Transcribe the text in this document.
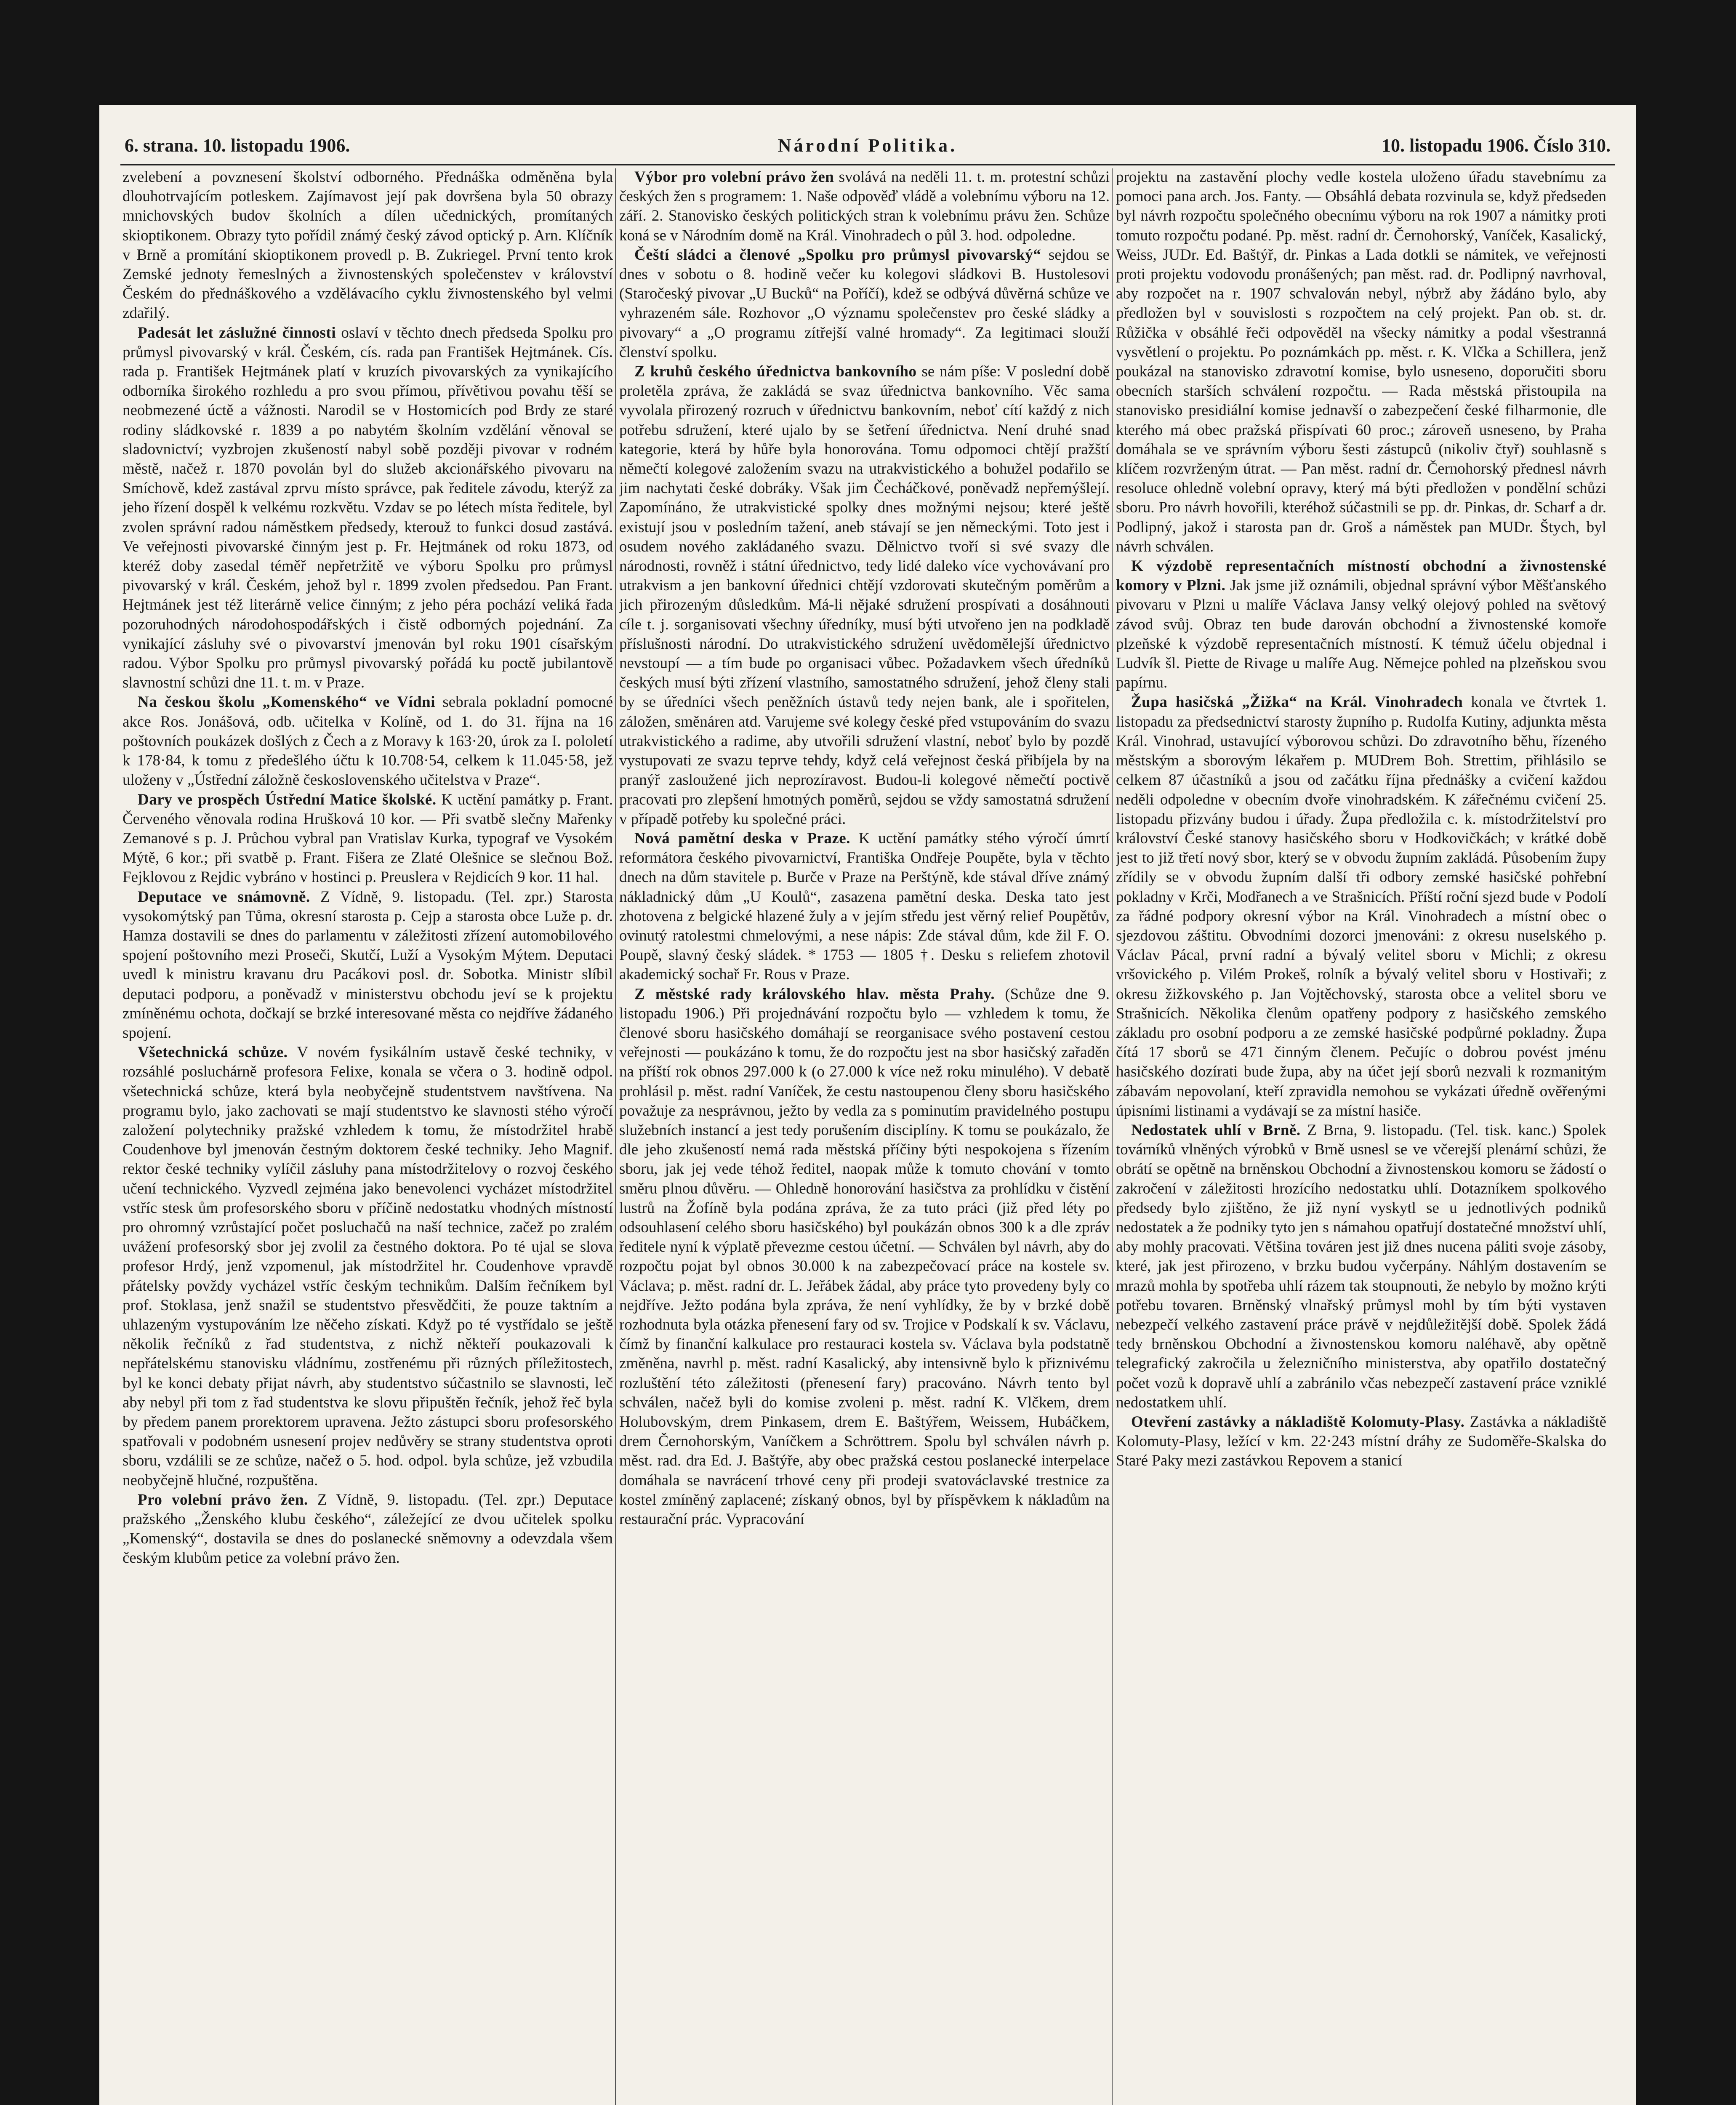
6. strana. 10. listopadu 1906.	Národní Politika.	10. listopadu 1906. Číslo 310.

zvelebení a povznesení školství odborného. Přednáška odměněna byla dlouhotrvajícím potleskem. Zajímavost její pak dovršena byla 50 obrazy mnichovských budov školních a dílen učednických, promítaných skioptikonem. Obrazy tyto pořídil známý český závod optický p. Arn. Klíčník v Brně a promítání skioptikonem provedl p. B. Zukriegel. První tento krok Zemské jednoty řemeslných a živnostenských společenstev v království Českém do přednáškového a vzdělávacího cyklu živnostenského byl velmi zdařilý.

Padesát let záslužné činnosti oslaví v těchto dnech předseda Spolku pro průmysl pivovarský v král. Českém, cís. rada pan František Hejtmánek. Cís. rada p. František Hejtmánek platí v kruzích pivovarských za vynikajícího odborníka širokého rozhledu a pro svou přímou, přívětivou povahu těší se neobmezené úctě a vážnosti. Narodil se v Hostomicích pod Brdy ze staré rodiny sládkovské r. 1839 a po nabytém školním vzdělání věnoval se sladovnictví; vyzbrojen zkušeností nabyl sobě později pivovar v rodném městě, načež r. 1870 povolán byl do služeb akcionářského pivovaru na Smíchově, kdež zastával zprvu místo správce, pak ředitele závodu, kterýž za jeho řízení dospěl k velkému rozkvětu. Vzdav se po létech místa ředitele, byl zvolen správní radou náměstkem předsedy, kterouž to funkci dosud zastává. Ve veřejnosti pivovarské činným jest p. Fr. Hejtmánek od roku 1873, od kteréž doby zasedal téměř nepřetržitě ve výboru Spolku pro průmysl pivovarský v král. Českém, jehož byl r. 1899 zvolen předsedou. Pan Frant. Hejtmánek jest též literárně velice činným; z jeho péra pochází veliká řada pozoruhodných národohospodářských i čistě odborných pojednání. Za vynikající zásluhy své o pivovarství jmenován byl roku 1901 císařským radou. Výbor Spolku pro průmysl pivovarský pořádá ku poctě jubilantově slavnostní schůzi dne 11. t. m. v Praze.

Na českou školu „Komenského“ ve Vídni sebrala pokladní pomocné akce Ros. Jonášová, odb. učitelka v Kolíně, od 1. do 31. října na 16 poštovních poukázek došlých z Čech a z Moravy k 163·20, úrok za I. pololetí k 178·84, k tomu z předešlého účtu k 10.708·54, celkem k 11.045·58, jež uloženy v „Ústřední záložně československého učitelstva v Praze“.

Dary ve prospěch Ústřední Matice školské. K uctění památky p. Frant. Červeného věnovala rodina Hrušková 10 kor. — Při svatbě slečny Mařenky Zemanové s p. J. Průchou vybral pan Vratislav Kurka, typograf ve Vysokém Mýtě, 6 kor.; při svatbě p. Frant. Fišera ze Zlaté Olešnice se slečnou Bož. Fejklovou z Rejdic vybráno v hostinci p. Preuslera v Rejdicích 9 kor. 11 hal.

Deputace ve snámovně. Z Vídně, 9. listopadu. (Tel. zpr.) Starosta vysokomýtský pan Tůma, okresní starosta p. Cejp a starosta obce Luže p. dr. Hamza dostavili se dnes do parlamentu v záležitosti zřízení automobilového spojení poštovního mezi Proseči, Skutčí, Luží a Vysokým Mýtem. Deputaci uvedl k ministru kravanu dru Pacákovi posl. dr. Sobotka. Ministr slíbil deputaci podporu, a poněvadž v ministerstvu obchodu jeví se k projektu zmíněnému ochota, dočkají se brzké interesované města co nejdříve žádaného spojení.

Všetechnická schůze. V novém fysikálním ustavě české techniky, v rozsáhlé posluchárně profesora Felixe, konala se včera o 3. hodině odpol. všetechnická schůze, která byla neobyčejně studentstvem navštívena. Na programu bylo, jako zachovati se mají studentstvo ke slavnosti stého výročí založení polytechniky pražské vzhledem k tomu, že místodržitel hrabě Coudenhove byl jmenován čestným doktorem české techniky. Jeho Magnif. rektor české techniky vylíčil zásluhy pana místodržitelovy o rozvoj českého učení technického. Vyzvedl zejména jako benevolenci vycházet místodržitel vstříc stesk ům profesorského sboru v příčině nedostatku vhodných místností pro ohromný vzrůstající počet posluchačů na naší technice, začež po zralém uvážení profesorský sbor jej zvolil za čestného doktora. Po té ujal se slova profesor Hrdý, jenž vzpomenul, jak místodržitel hr. Coudenhove vpravdě přátelsky povždy vycházel vstříc českým technikům. Dalším řečníkem byl prof. Stoklasa, jenž snažil se studentstvo přesvědčiti, že pouze taktním a uhlazeným vystupováním lze něčeho získati. Když po té vystřídalo se ještě několik řečníků z řad studentstva, z nichž někteří poukazovali k nepřátelskému stanovisku vládnímu, zostřenému při různých příležitostech, byl ke konci debaty přijat návrh, aby studentstvo súčastnilo se slavnosti, leč aby nebyl při tom z řad studentstva ke slovu připuštěn řečník, jehož řeč byla by předem panem prorektorem upravena. Ježto zástupci sboru profesorského spatřovali v podobném usnesení projev nedůvěry se strany studentstva oproti sboru, vzdálili se ze schůze, načež o 5. hod. odpol. byla schůze, jež vzbudila neobyčejně hlučné, rozpuštěna.

Pro volební právo žen. Z Vídně, 9. listopadu. (Tel. zpr.) Deputace pražského „Ženského klubu českého“, záležející ze dvou učitelek spolku „Komenský“, dostavila se dnes do poslanecké sněmovny a odevzdala všem českým klubům petice za volební právo žen.

Výbor pro volební právo žen svolává na neděli 11. t. m. protestní schůzi českých žen s programem: 1. Naše odpověď vládě a volebnímu výboru na 12. září. 2. Stanovisko českých politických stran k volebnímu právu žen. Schůze koná se v Národním domě na Král. Vinohradech o půl 3. hod. odpoledne.

Čeští sládci a členové „Spolku pro průmysl pivovarský“ sejdou se dnes v sobotu o 8. hodině večer ku kolegovi sládkovi B. Hustolesovi (Staročeský pivovar „U Bucků“ na Poříčí), kdež se odbývá důvěrná schůze ve vyhrazeném sále. Rozhovor „O významu společenstev pro české sládky a pivovary“ a „O programu zítřejší valné hromady“. Za legitimaci slouží členství spolku.

Z kruhů českého úřednictva bankovního se nám píše: V poslední době proletěla zpráva, že zakládá se svaz úřednictva bankovního. Věc sama vyvolala přirozený rozruch v úřednictvu bankovním, neboť cítí každý z nich potřebu sdružení, které ujalo by se šetření úřednictva. Není druhé snad kategorie, která by hůře byla honorována. Tomu odpomoci chtějí pražští němečtí kolegové založením svazu na utrakvistického a bohužel podařilo se jim nachytati české dobráky. Však jim Čecháčkové, poněvadž nepřemýšlejí. Zapomínáno, že utrakvistické spolky dnes možnými nejsou; které ještě existují jsou v posledním tažení, aneb stávají se jen německými. Toto jest i osudem nového zakládaného svazu. Dělnictvo tvoří si své svazy dle národnosti, rovněž i státní úřednictvo, tedy lidé daleko více vychovávaní pro utrakvism a jen bankovní úřednici chtějí vzdorovati skutečným poměrům a jich přirozeným důsledkům. Má-li nějaké sdružení prospívati a dosáhnouti cíle t. j. sorganisovati všechny úředníky, musí býti utvořeno jen na podkladě příslušnosti národní. Do utrakvistického sdružení uvědomělejší úřednictvo nevstoupí — a tím bude po organisaci vůbec. Požadavkem všech úředníků českých musí býti zřízení vlastního, samostatného sdružení, jehož členy stali by se úředníci všech peněžních ústavů tedy nejen bank, ale i spořitelen, záložen, směnáren atd. Varujeme své kolegy české před vstupováním do svazu utrakvistického a radime, aby utvořili sdružení vlastní, neboť bylo by pozdě vystupovati ze svazu teprve tehdy, když celá veřejnost česká přibíjela by na pranýř zasloužené jich neprozíravost. Budou-li kolegové němečtí poctivě pracovati pro zlepšení hmotných poměrů, sejdou se vždy samostatná sdružení v případě potřeby ku společné práci.

Nová pamětní deska v Praze. K uctění památky stého výročí úmrtí reformátora českého pivovarnictví, Františka Ondřeje Poupěte, byla v těchto dnech na dům stavitele p. Burče v Praze na Perštýně, kde stával dříve známý nákladnický dům „U Koulů“, zasazena pamětní deska. Deska tato jest zhotovena z belgické hlazené žuly a v jejím středu jest věrný relief Poupětův, ovinutý ratolestmi chmelovými, a nese nápis: Zde stával dům, kde žil F. O. Poupě, slavný český sládek. * 1753 — 1805 †. Desku s reliefem zhotovil akademický sochař Fr. Rous v Praze.

Z městské rady královského hlav. města Prahy. (Schůze dne 9. listopadu 1906.) Při projednávání rozpočtu bylo — vzhledem k tomu, že členové sboru hasičského domáhají se reorganisace svého postavení cestou veřejnosti — poukázáno k tomu, že do rozpočtu jest na sbor hasičský zařaděn na příští rok obnos 297.000 k (o 27.000 k více než roku minulého). V debatě prohlásil p. měst. radní Vaníček, že cestu nastoupenou členy sboru hasičského považuje za nesprávnou, ježto by vedla za s pominutím pravidelného postupu služebních instancí a jest tedy porušením disciplíny. K tomu se poukázalo, že dle jeho zkušeností nemá rada městská příčiny býti nespokojena s řízením sboru, jak jej vede téhož ředitel, naopak může k tomuto chování v tomto směru plnou důvěru. — Ohledně honorování hasičstva za prohlídku v čistění lustrů na Žofíně byla podána zpráva, že za tuto práci (již před léty po odsouhlasení celého sboru hasičského) byl poukázán obnos 300 k a dle zpráv ředitele nyní k výplatě převezme cestou účetní. — Schválen byl návrh, aby do rozpočtu pojat byl obnos 30.000 k na zabezpečovací práce na kostele sv. Václava; p. měst. radní dr. L. Jeřábek žádal, aby práce tyto provedeny byly co nejdříve. Ježto podána byla zpráva, že není vyhlídky, že by v brzké době rozhodnuta byla otázka přenesení fary od sv. Trojice v Podskalí k sv. Václavu, čímž by finanční kalkulace pro restauraci kostela sv. Václava byla podstatně změněna, navrhl p. měst. radní Kasalický, aby intensivně bylo k přiznivému rozluštění této záležitosti (přenesení fary) pracováno. Návrh tento byl schválen, načež byli do komise zvoleni p. měst. radní K. Vlčkem, drem Holubovským, drem Pinkasem, drem E. Baštýřem, Weissem, Hubáčkem, drem Černohorským, Vaníčkem a Schröttrem. Spolu byl schválen návrh p. měst. rad. dra Ed. J. Baštýře, aby obec pražská cestou poslanecké interpelace domáhala se navrácení trhové ceny při prodeji svatováclavské trestnice za kostel zmíněný zaplacené; získaný obnos, byl by příspěvkem k nákladům na restaurační prác. Vypracování

projektu na zastavění plochy vedle kostela uloženo úřadu stavebnímu za pomoci pana arch. Jos. Fanty. — Obsáhlá debata rozvinula se, když předseden byl návrh rozpočtu společného obecnímu výboru na rok 1907 a námitky proti tomuto rozpočtu podané. Pp. měst. radní dr. Černohorský, Vaníček, Kasalický, Weiss, JUDr. Ed. Baštýř, dr. Pinkas a Lada dotkli se námitek, ve veřejnosti proti projektu vodovodu pronášených; pan měst. rad. dr. Podlipný navrhoval, aby rozpočet na r. 1907 schvalován nebyl, nýbrž aby žádáno bylo, aby předložen byl v souvislosti s rozpočtem na celý projekt. Pan ob. st. dr. Růžička v obsáhlé řeči odpověděl na všecky námitky a podal všestranná vysvětlení o projektu. Po poznámkách pp. měst. r. K. Vlčka a Schillera, jenž poukázal na stanovisko zdravotní komise, bylo usneseno, doporučiti sboru obecních starších schválení rozpočtu. — Rada městská přistoupila na stanovisko presidiální komise jednavší o zabezpečení české filharmonie, dle kterého má obec pražská přispívati 60 proc.; zároveň usneseno, by Praha domáhala se ve správním výboru šesti zástupců (nikoliv čtyř) souhlasně s klíčem rozvrženým útrat. — Pan měst. radní dr. Černohorský přednesl návrh resoluce ohledně volební opravy, který má býti předložen v pondělní schůzi sboru. Pro návrh hovořili, kteréhož súčastnili se pp. dr. Pinkas, dr. Scharf a dr. Podlipný, jakož i starosta pan dr. Groš a náměstek pan MUDr. Štych, byl návrh schválen.

K výzdobě representačních místností obchodní a živnostenské komory v Plzni. Jak jsme již oznámili, objednal správní výbor Měšťanského pivovaru v Plzni u malíře Václava Jansy velký olejový pohled na světový závod svůj. Obraz ten bude darován obchodní a živnostenské komoře plzeňské k výzdobě representačních místností. K témuž účelu objednal i Ludvík šl. Piette de Rivage u malíře Aug. Němejce pohled na plzeňskou svou papírnu.

Župa hasičská „Žižka“ na Král. Vinohradech konala ve čtvrtek 1. listopadu za předsednictví starosty župního p. Rudolfa Kutiny, adjunkta města Král. Vinohrad, ustavující výborovou schůzi. Do zdravotního běhu, řízeného městským a sborovým lékařem p. MUDrem Boh. Strettim, přihlásilo se celkem 87 účastníků a jsou od začátku října přednášky a cvičení každou neděli odpoledne v obecním dvoře vinohradském. K zářečnému cvičení 25. listopadu přizvány budou i úřady. Župa předložila c. k. místodržitelství pro království České stanovy hasičského sboru v Hodkovičkách; v krátké době jest to již třetí nový sbor, který se v obvodu župním zakládá. Působením župy zřídily se v obvodu župním další tři odbory zemské hasičské pohřební pokladny v Krči, Modřanech a ve Strašnicích. Příští roční sjezd bude v Podolí za řádné podpory okresní výbor na Král. Vinohradech a místní obec o sjezdovou záštitu. Obvodními dozorci jmenováni: z okresu nuselského p. Václav Pácal, první radní a bývalý velitel sboru v Michli; z okresu vršovického p. Vilém Prokeš, rolník a bývalý velitel sboru v Hostivaři; z okresu žižkovského p. Jan Vojtěchovský, starosta obce a velitel sboru ve Strašnicích. Několika členům opatřeny podpory z hasičského zemského základu pro osobní podporu a ze zemské hasičské podpůrné pokladny. Župa čítá 17 sborů se 471 činným členem. Pečujíc o dobrou povést jménu hasičského dozírati bude župa, aby na účet její sborů nezvali k rozmanitým zábavám nepovolaní, kteří zpravidla nemohou se vykázati úředně ověřenými úpisními listinami a vydávají se za místní hasiče.

Nedostatek uhlí v Brně. Z Brna, 9. listopadu. (Tel. tisk. kanc.) Spolek továrníků vlněných výrobků v Brně usnesl se ve včerejší plenární schůzi, že obrátí se opětně na brněnskou Obchodní a živnostenskou komoru se žádostí o zakročení v záležitosti hrozícího nedostatku uhlí. Dotazníkem spolkového předsedy bylo zjištěno, že již nyní vyskytl se u jednotlivých podniků nedostatek a že podniky tyto jen s námahou opatřují dostatečné množství uhlí, aby mohly pracovati. Většina továren jest již dnes nucena páliti svoje zásoby, které, jak jest přirozeno, v brzku budou vyčerpány. Náhlým dostavením se mrazů mohla by spotřeba uhlí rázem tak stoupnouti, že nebylo by možno krýti potřebu tovaren. Brněnský vlnařský průmysl mohl by tím býti vystaven nebezpečí velkého zastavení práce právě v nejdůležitější době. Spolek žádá tedy brněnskou Obchodní a živnostenskou komoru naléhavě, aby opětně telegrafický zakročila u železničního ministerstva, aby opatřilo dostatečný počet vozů k dopravě uhlí a zabránilo včas nebezpečí zastavení práce vzniklé nedostatkem uhlí.

Otevření zastávky a nákladiště Kolomuty-Plasy. Zastávka a nákladiště Kolomuty-Plasy, ležící v km. 22·243 místní dráhy ze Sudoměře-Skalska do Staré Paky mezi zastávkou Repovem a stanicí
